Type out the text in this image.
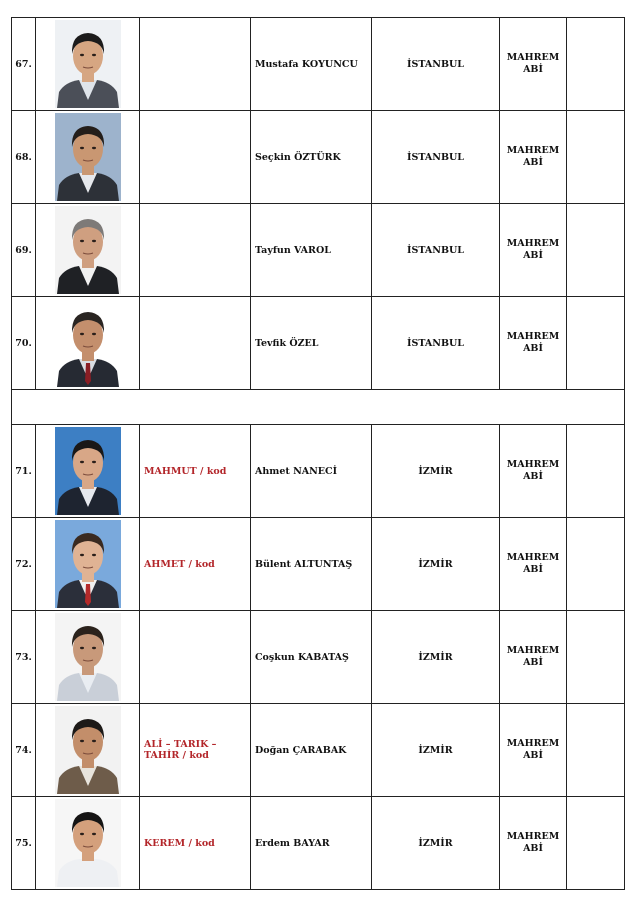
67.			Mustafa KOYUNCU	İSTANBUL	MAHREM
ABİ	
68.			Seçkin ÖZTÜRK	İSTANBUL	MAHREM
ABİ	
69.			Tayfun VAROL	İSTANBUL	MAHREM
ABİ	
70.			Tevfik ÖZEL	İSTANBUL	MAHREM
ABİ	

71.		MAHMUT / kod	Ahmet NANECİ	İZMİR	MAHREM
ABİ	
72.		AHMET / kod	Bülent ALTUNTAŞ	İZMİR	MAHREM
ABİ	
73.			Coşkun KABATAŞ	İZMİR	MAHREM
ABİ	
74.		ALİ – TARIK – TAHİR / kod	Doğan ÇARABAK	İZMİR	MAHREM
ABİ	
75.		KEREM / kod	Erdem BAYAR	İZMİR	MAHREM
ABİ	
